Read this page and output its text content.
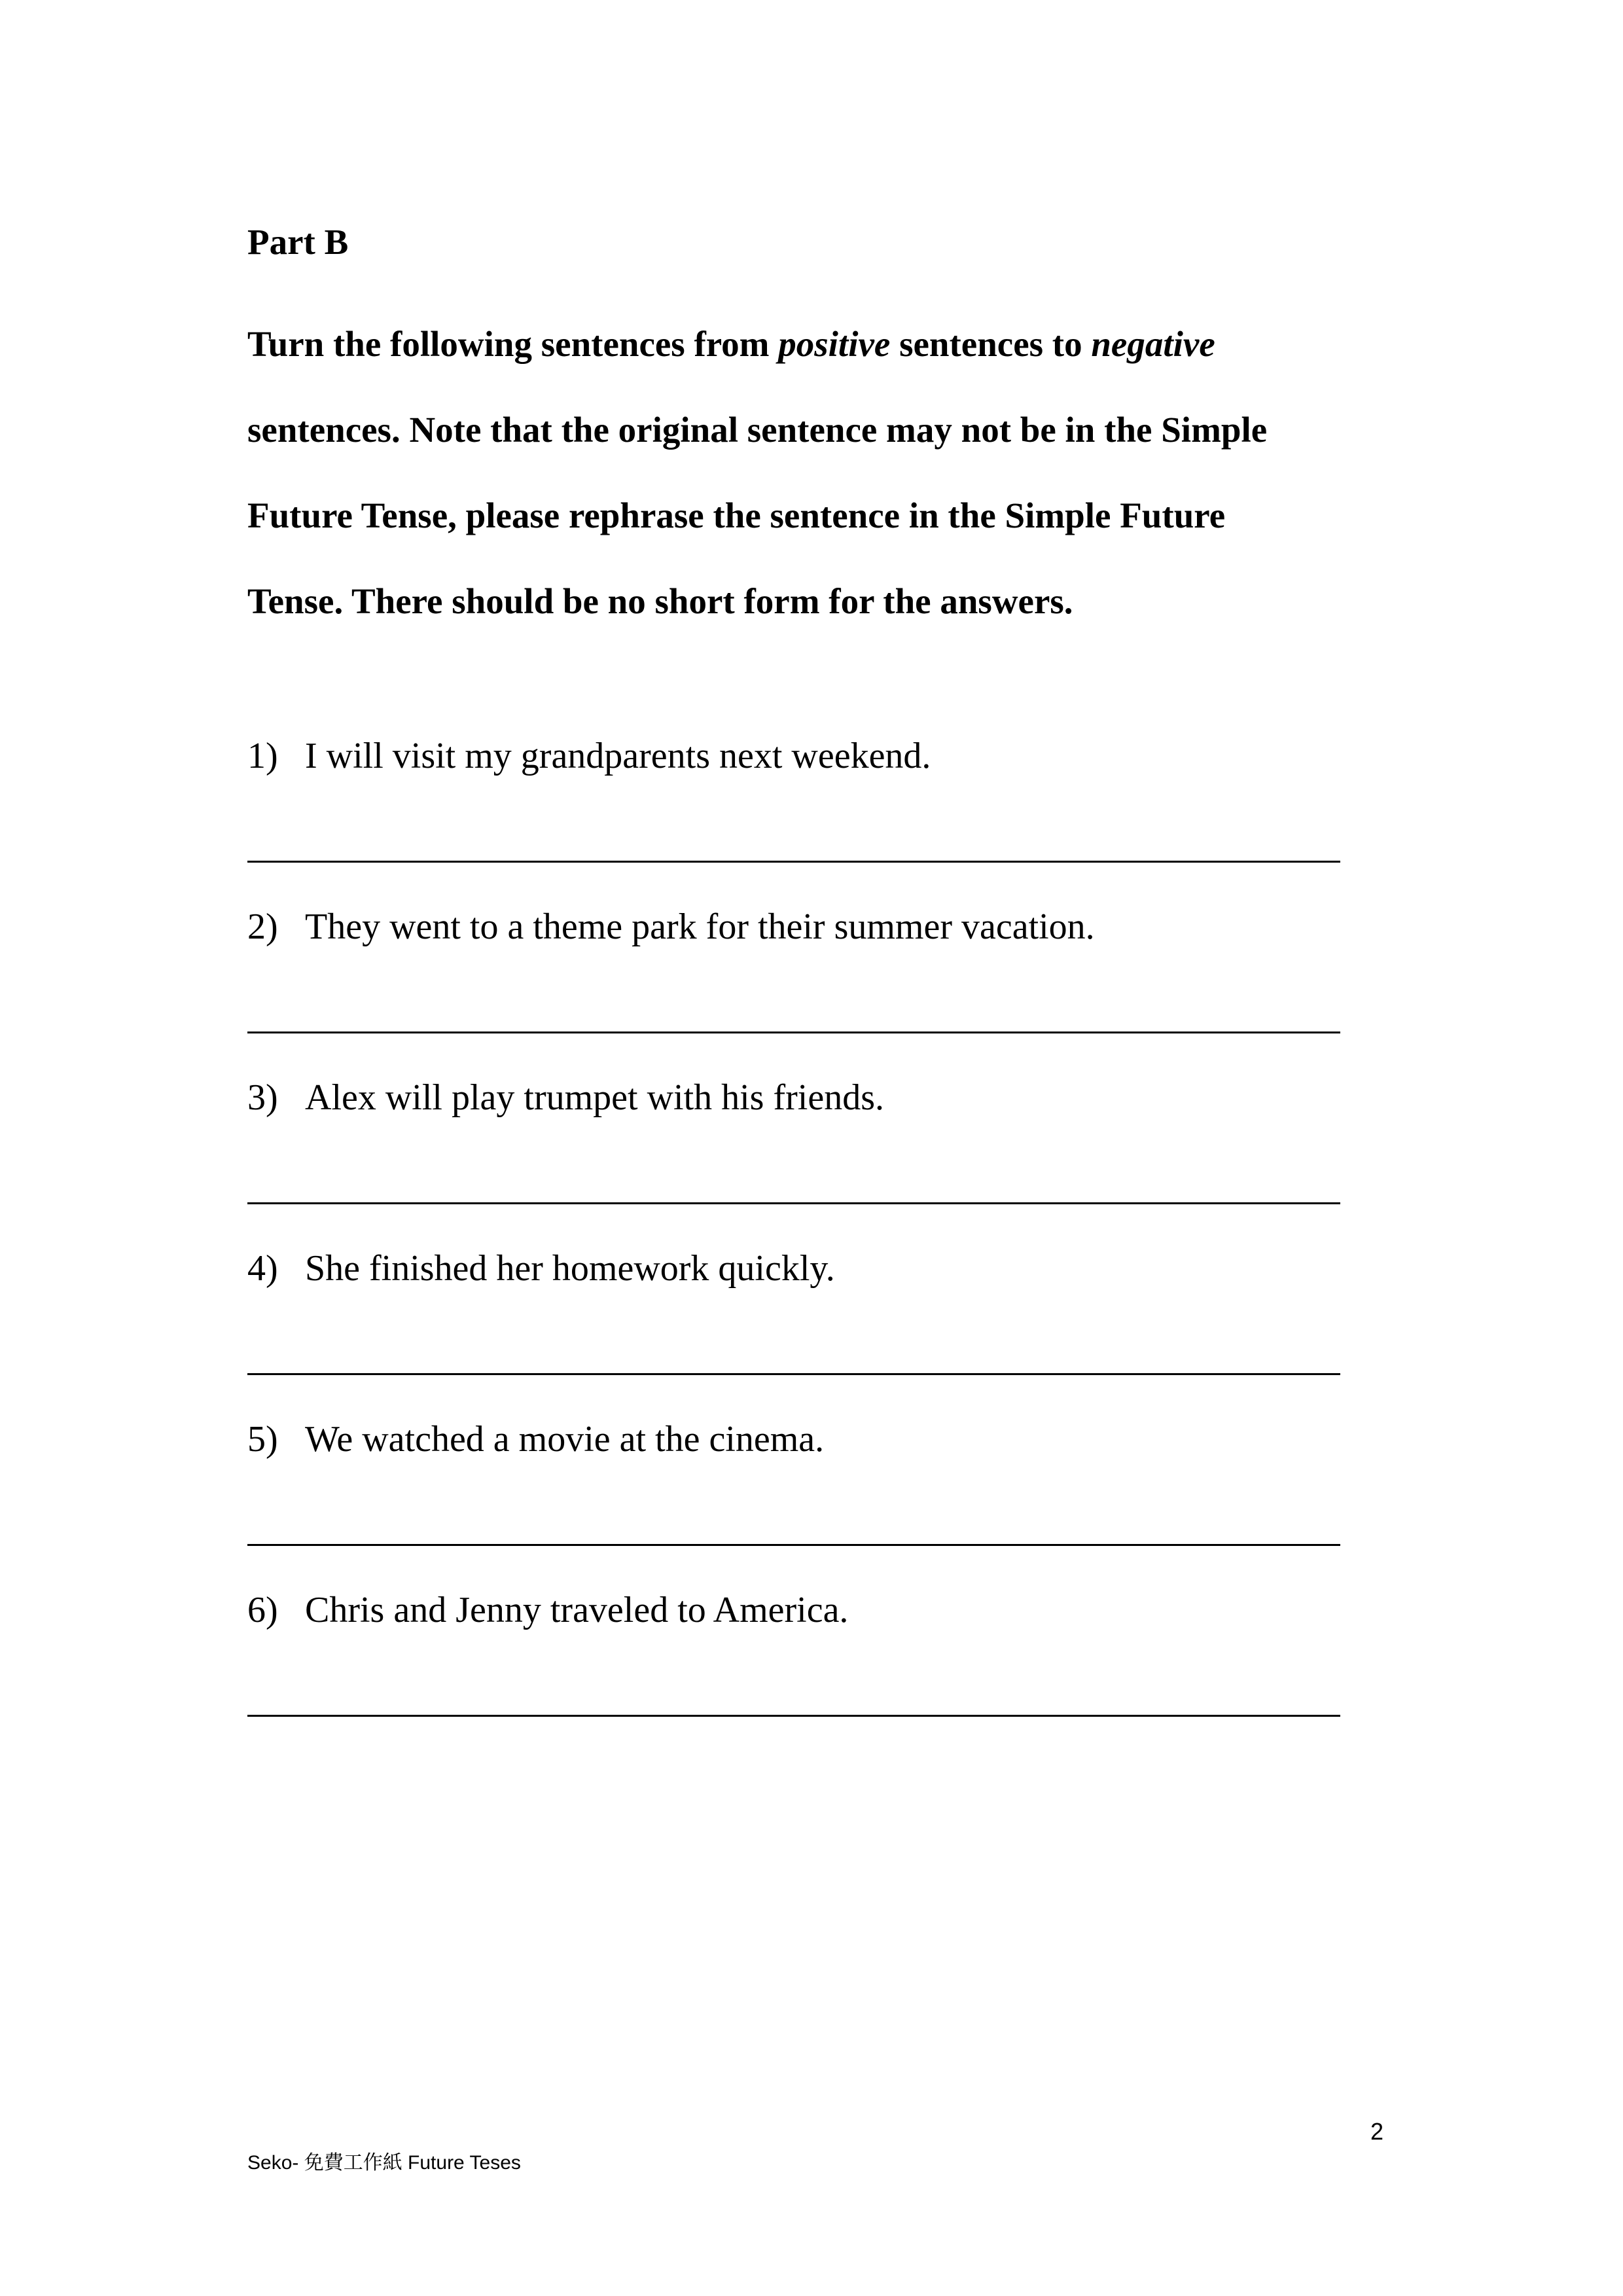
Part B
Turn the following sentences from positive sentences to negative
sentences. Note that the original sentence may not be in the Simple
Future Tense, please rephrase the sentence in the Simple Future
Tense. There should be no short form for the answers.
1) I will visit my grandparents next weekend.
2) They went to a theme park for their summer vacation.
3) Alex will play trumpet with his friends.
4) She finished her homework quickly.
5) We watched a movie at the cinema.
6) Chris and Jenny traveled to America.
2
Seko- 免費工作紙 Future Teses
